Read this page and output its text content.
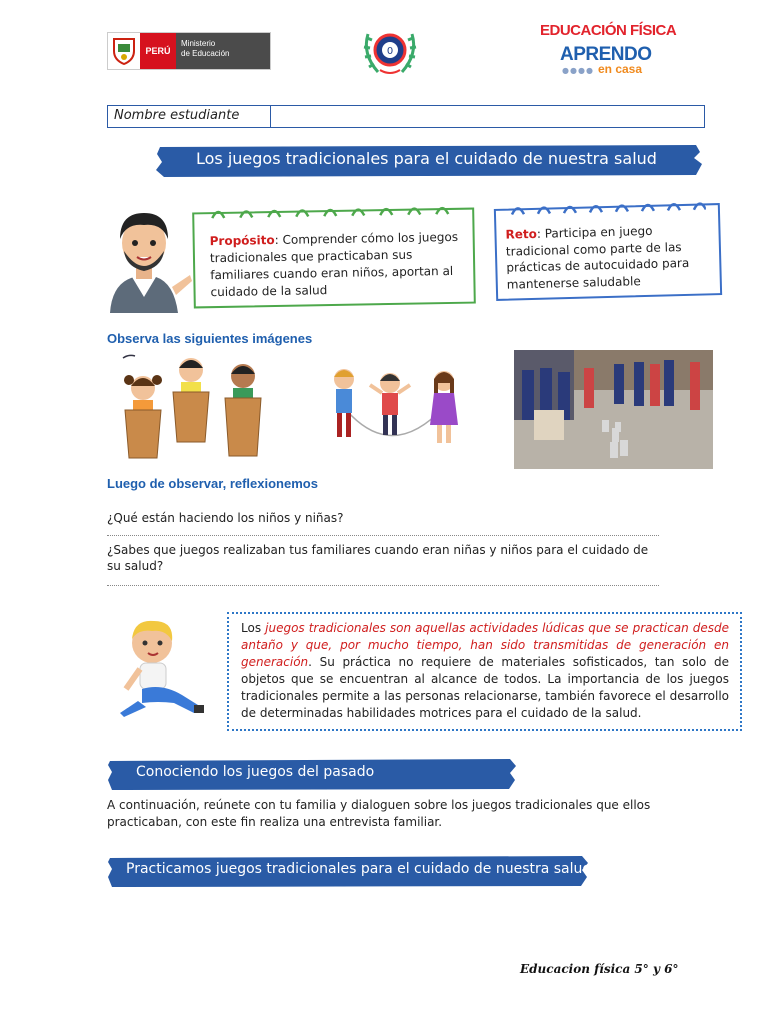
PERÚ
Ministerio
de Educación	0
EDUCACIÓN FÍSICA
APRENDO
●●●● en casa
Nombre estudiante
Los juegos tradicionales para el cuidado de nuestra salud
Propósito: Comprender cómo los juegos tradicionales que practicaban sus familiares cuando eran niños, aportan al cuidado de la salud
Reto: Participa en juego tradicional como parte de las prácticas de autocuidado para mantenerse saludable
Observa las siguientes imágenes
Luego de observar, reflexionemos
¿Qué están haciendo los niños y niñas?
¿Sabes que juegos realizaban tus familiares cuando eran niñas y niños para el cuidado de su salud?
Los juegos tradicionales son aquellas actividades lúdicas que se practican desde antaño y que, por mucho tiempo, han sido transmitidas de generación en generación. Su práctica no requiere de materiales sofisticados, tan solo de objetos que se encuentran al alcance de todos. La importancia de los juegos tradicionales permite a las personas relacionarse, también favorece el desarrollo de determinadas habilidades motrices para el cuidado de la salud.
Conociendo los juegos del pasado
A continuación, reúnete con tu familia y dialoguen sobre los juegos tradicionales que ellos practicaban, con este fin realiza una entrevista familiar.
Practicamos juegos tradicionales para el cuidado de nuestra salud
Educacion física 5° y 6°
